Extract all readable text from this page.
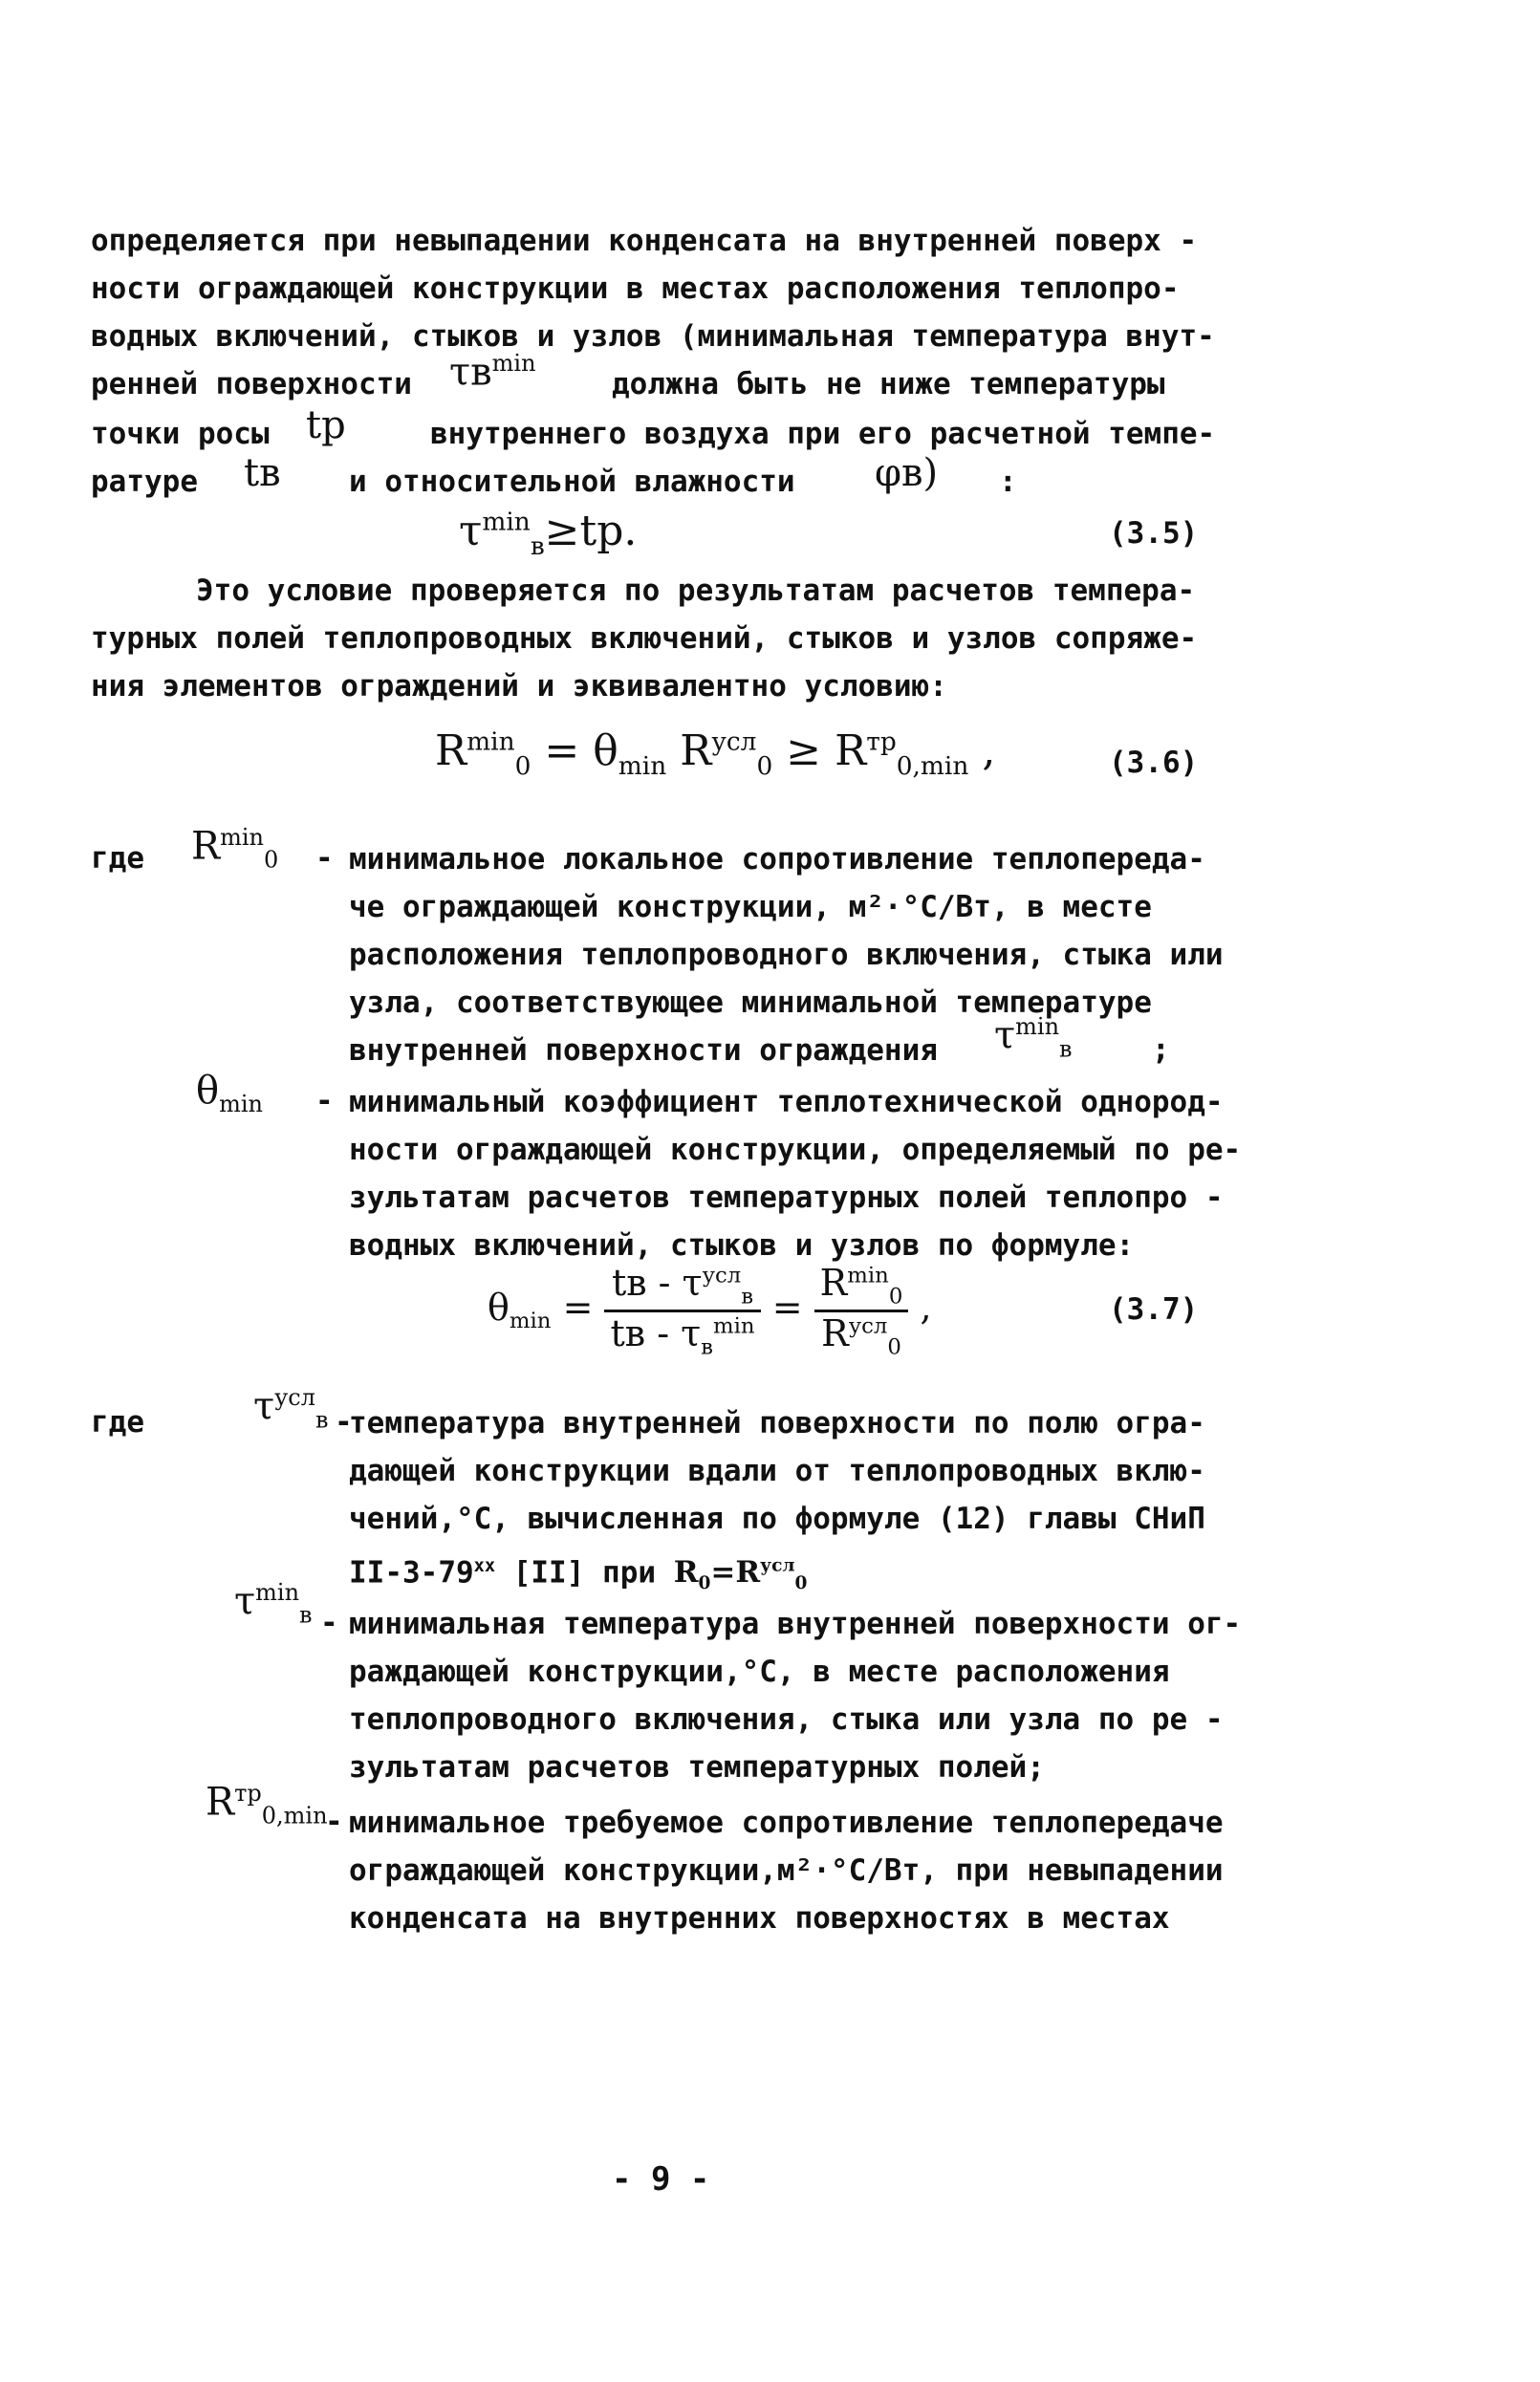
определяется при невыпадении конденсата на внутренней поверх -
ности ограждающей конструкции в местах расположения теплопро-
водных включений, стыков и узлов (минимальная температура внут-
ренней поверхности $\tau в^{min}$
должна быть не ниже температуры
точки росы tр	внутреннего воздуха при его расчетной темпе-
ратуре tв и относительной влажности φв) :
$\tau^{min}_в\ge tр$.	(3.5)
Это условие проверяется по результатам расчетов темпера-
турных полей теплопроводных включений, стыков и узлов сопряже-
ния элементов ограждений и эквивалентно условию:
$R^{min}_0 = \theta_{min}$ $R^{усл}_0 \ge R^{тр}_{0,min}$ ,	(3.6)
где $R^{min}_0$ - минимальное локальное сопротивление теплопереда-
че ограждающей конструкции, м²·°С/Вт, в месте
расположения теплопроводного включения, стыка или
узла, соответствующее минимальной температуре
внутренней поверхности ограждения $\tau^{min}_в$	;
$\theta_{min}$ - минимальный коэффициент теплотехнической однород-
ности ограждающей конструкции, определяемый по ре-
зультатам расчетов температурных полей теплопро -
водных включений, стыков и узлов по формуле:
$\theta_{min} = \frac{tв - \tau^{усл}_в}{tв - \tau_в^{min}} = \frac{R^{min}_0}{R^{усл}_0}$ ,	(3.7)
где	$\tau^{усл}_в$ -
температура внутренней поверхности по полю огра-
дающей конструкции вдали от теплопроводных вклю-
чений,°С, вычисленная по формуле (12) главы СНиП
II-3-79$^{xx}$ [II] при $R_0=R^{усл}_0$
$\tau^{min}_в$ - минимальная температура внутренней поверхности ог-
раждающей конструкции,°С, в месте расположения
теплопроводного включения, стыка или узла по ре -
зультатам расчетов температурных полей;
$R^{тр}_{0,min}$
- минимальное требуемое сопротивление теплопередаче
ограждающей конструкции,м²·°С/Вт, при невыпадении
конденсата на внутренних поверхностях в местах
- 9 -
